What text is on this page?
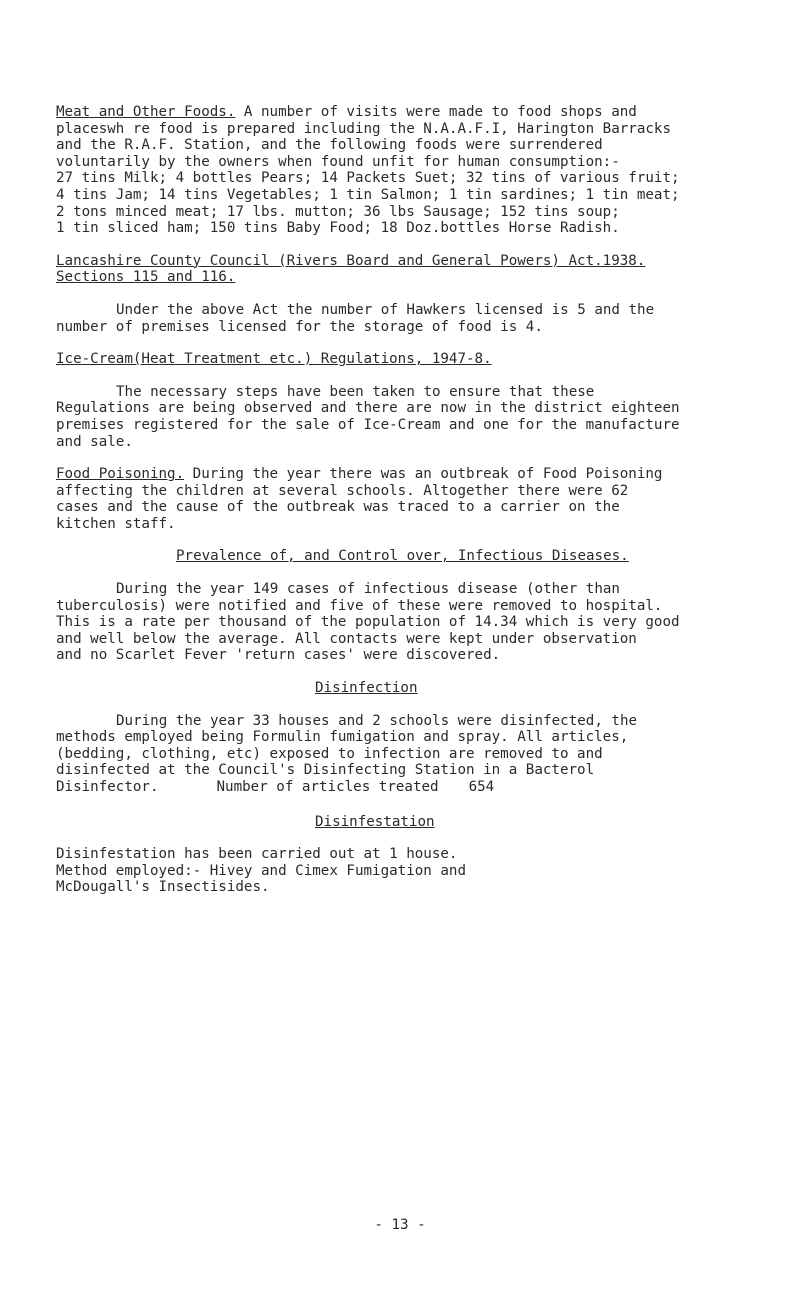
Meat and Other Foods. A number of visits were made to food shops and

placeswh re food is prepared including the N.A.A.F.I, Harington Barracks

and the R.A.F. Station, and the following foods were surrendered

voluntarily by the owners when found unfit for human consumption:-

27 tins Milk; 4 bottles Pears; 14 Packets Suet; 32 tins of various fruit;

4 tins Jam; 14 tins Vegetables; 1 tin Salmon; 1 tin sardines; 1 tin meat;

2 tons minced meat; 17 lbs. mutton; 36 lbs Sausage; 152 tins soup;

1 tin sliced ham; 150 tins Baby Food; 18 Doz.bottles Horse Radish.

Lancashire County Council (Rivers Board and General Powers) Act.1938.

Sections 115 and 116.

Under the above Act the number of Hawkers licensed is 5 and the

number of premises licensed for the storage of food is 4.

Ice-Cream(Heat Treatment etc.) Regulations, 1947-8.

The necessary steps have been taken to ensure that these

Regulations are being observed and there are now in the district eighteen

premises registered for the sale of Ice-Cream and one for the manufacture

and sale.

Food Poisoning. During the year there was an outbreak of Food Poisoning

affecting the children at several schools. Altogether there were 62

cases and the cause of the outbreak was traced to a carrier on the

kitchen staff.

Prevalence of, and Control over, Infectious Diseases.

During the year 149 cases of infectious disease (other than

tuberculosis) were notified and five of these were removed to hospital.

This is a rate per thousand of the population of 14.34 which is very good

and well below the average. All contacts were kept under observation

and no Scarlet Fever 'return cases' were discovered.

Disinfection

During the year 33 houses and 2 schools were disinfected, the

methods employed being Formulin fumigation and spray. All articles,

(bedding, clothing, etc) exposed to infection are removed to and

disinfected at the Council's Disinfecting Station in a Bacterol

Disinfector.	Number of articles treated 654

Disinfestation

Disinfestation has been carried out at 1 house.

Method employed:- Hivey and Cimex Fumigation and

McDougall's Insectisides.

- 13 -
